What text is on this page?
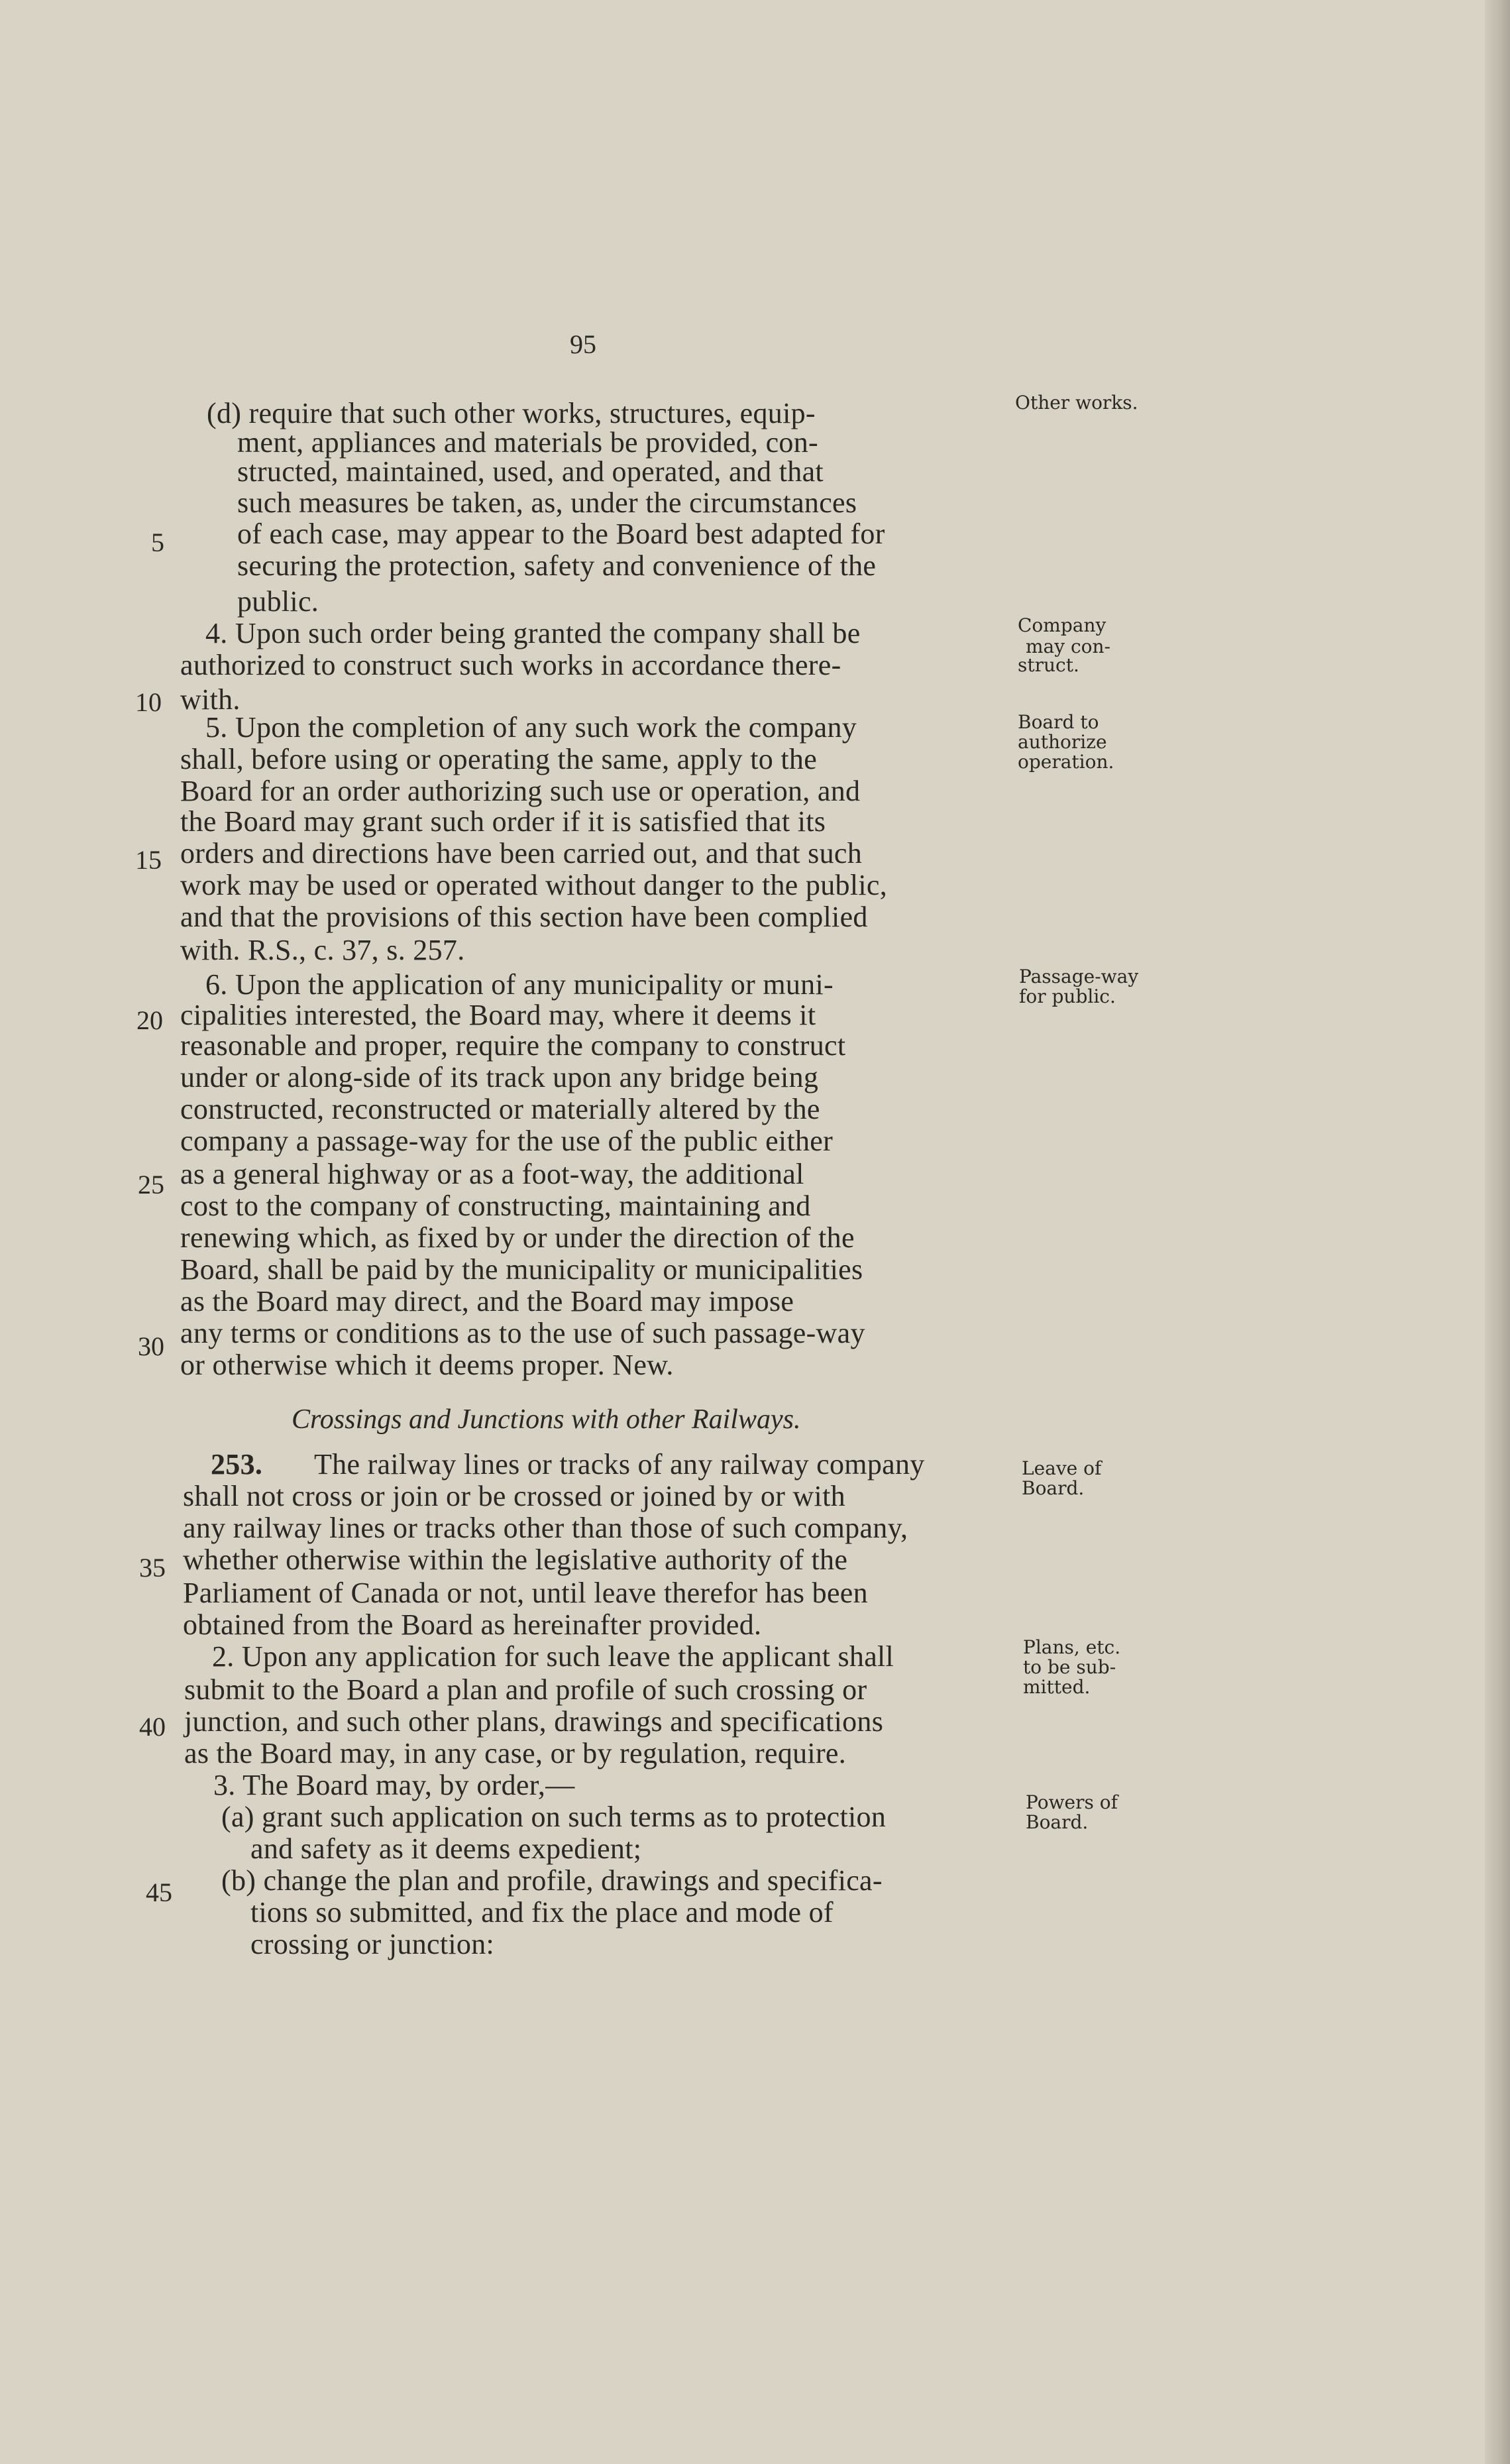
95
(d) require that such other works, structures, equip-
ment, appliances and materials be provided, con-
structed, maintained, used, and operated, and that
such measures be taken, as, under the circumstances
of each case, may appear to the Board best adapted for
securing the protection, safety and convenience of the
public.
4. Upon such order being granted the company shall be
authorized to construct such works in accordance there-
with.
5. Upon the completion of any such work the company
shall, before using or operating the same, apply to the
Board for an order authorizing such use or operation, and
the Board may grant such order if it is satisfied that its
orders and directions have been carried out, and that such
work may be used or operated without danger to the public,
and that the provisions of this section have been complied
with. R.S., c. 37, s. 257.
6. Upon the application of any municipality or muni-
cipalities interested, the Board may, where it deems it
reasonable and proper, require the company to construct
under or along-side of its track upon any bridge being
constructed, reconstructed or materially altered by the
company a passage-way for the use of the public either
as a general highway or as a foot-way, the additional
cost to the company of constructing, maintaining and
renewing which, as fixed by or under the direction of the
Board, shall be paid by the municipality or municipalities
as the Board may direct, and the Board may impose
any terms or conditions as to the use of such passage-way
or otherwise which it deems proper. New.
Crossings and Junctions with other Railways.
253. The railway lines or tracks of any railway company
shall not cross or join or be crossed or joined by or with
any railway lines or tracks other than those of such company,
whether otherwise within the legislative authority of the
Parliament of Canada or not, until leave therefor has been
obtained from the Board as hereinafter provided.
2. Upon any application for such leave the applicant shall
submit to the Board a plan and profile of such crossing or
junction, and such other plans, drawings and specifications
as the Board may, in any case, or by regulation, require.
3. The Board may, by order,—
(a) grant such application on such terms as to protection
and safety as it deems expedient;
(b) change the plan and profile, drawings and specifica-
tions so submitted, and fix the place and mode of
crossing or junction:
5
10
15
20
25
30
35
40
45
Other works.
Company
may con-
struct.
Board to
authorize
operation.
Passage-way
for public.
Leave of
Board.
Plans, etc.
to be sub-
mitted.
Powers of
Board.
